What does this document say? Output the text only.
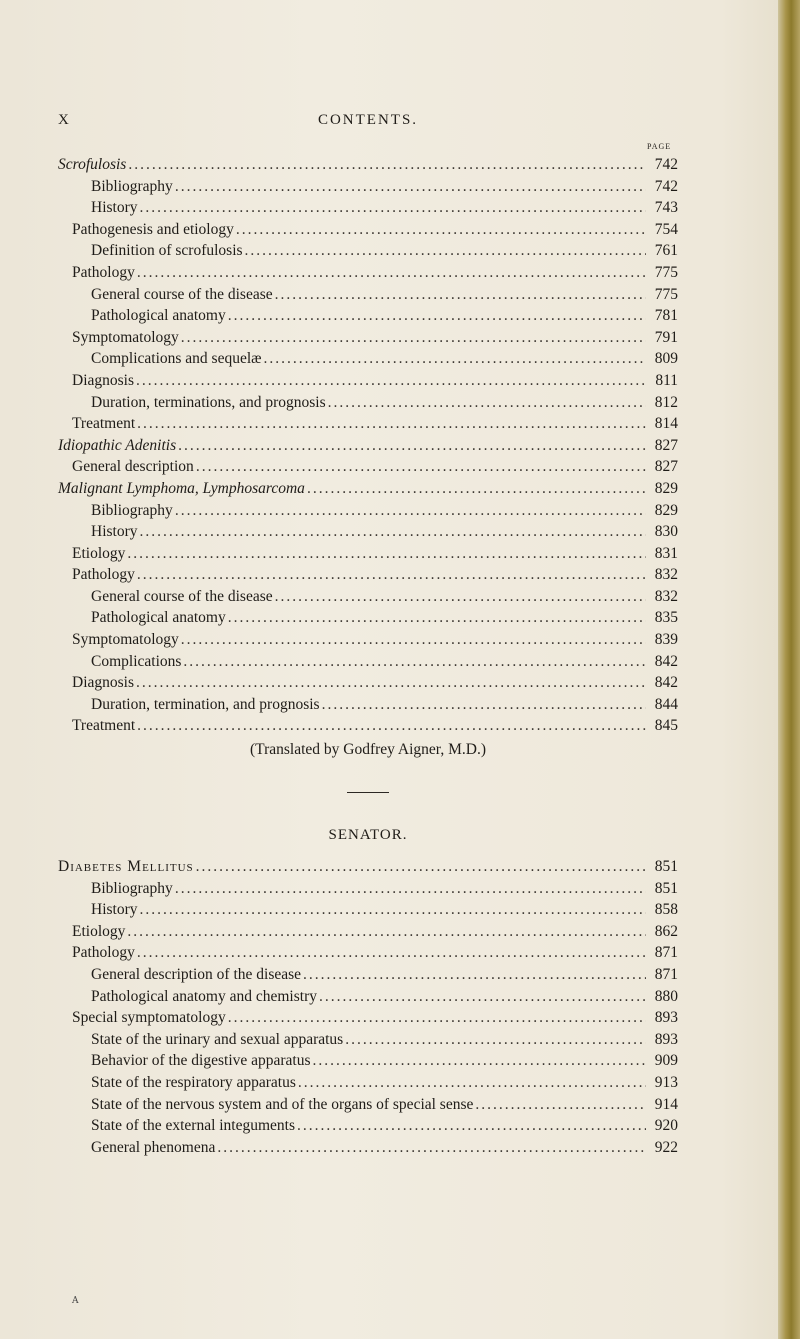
X	CONTENTS.
PAGE
Scrofulosis .....	742
Bibliography .....	742
History .....	743
Pathogenesis and etiology .....	754
Definition of scrofulosis .....	761
Pathology .....	775
General course of the disease .....	775
Pathological anatomy .....	781
Symptomatology .....	791
Complications and sequelæ .....	809
Diagnosis .....	811
Duration, terminations, and prognosis .....	812
Treatment .....	814
Idiopathic Adenitis .....	827
General description .....	827
Malignant Lymphoma, Lymphosarcoma .....	829
Bibliography .....	829
History .....	830
Etiology .....	831
Pathology .....	832
General course of the disease .....	832
Pathological anatomy .....	835
Symptomatology .....	839
Complications .....	842
Diagnosis .....	842
Duration, termination, and prognosis .....	844
Treatment .....	845
(Translated by Godfrey Aigner, M.D.)
SENATOR.
Diabetes Mellitus .....	851
Bibliography .....	851
History .....	858
Etiology .....	862
Pathology .....	871
General description of the disease .....	871
Pathological anatomy and chemistry .....	880
Special symptomatology .....	893
State of the urinary and sexual apparatus .....	893
Behavior of the digestive apparatus .....	909
State of the respiratory apparatus .....	913
State of the nervous system and of the organs of special sense .....	914
State of the external integuments .....	920
General phenomena .....	922
A
